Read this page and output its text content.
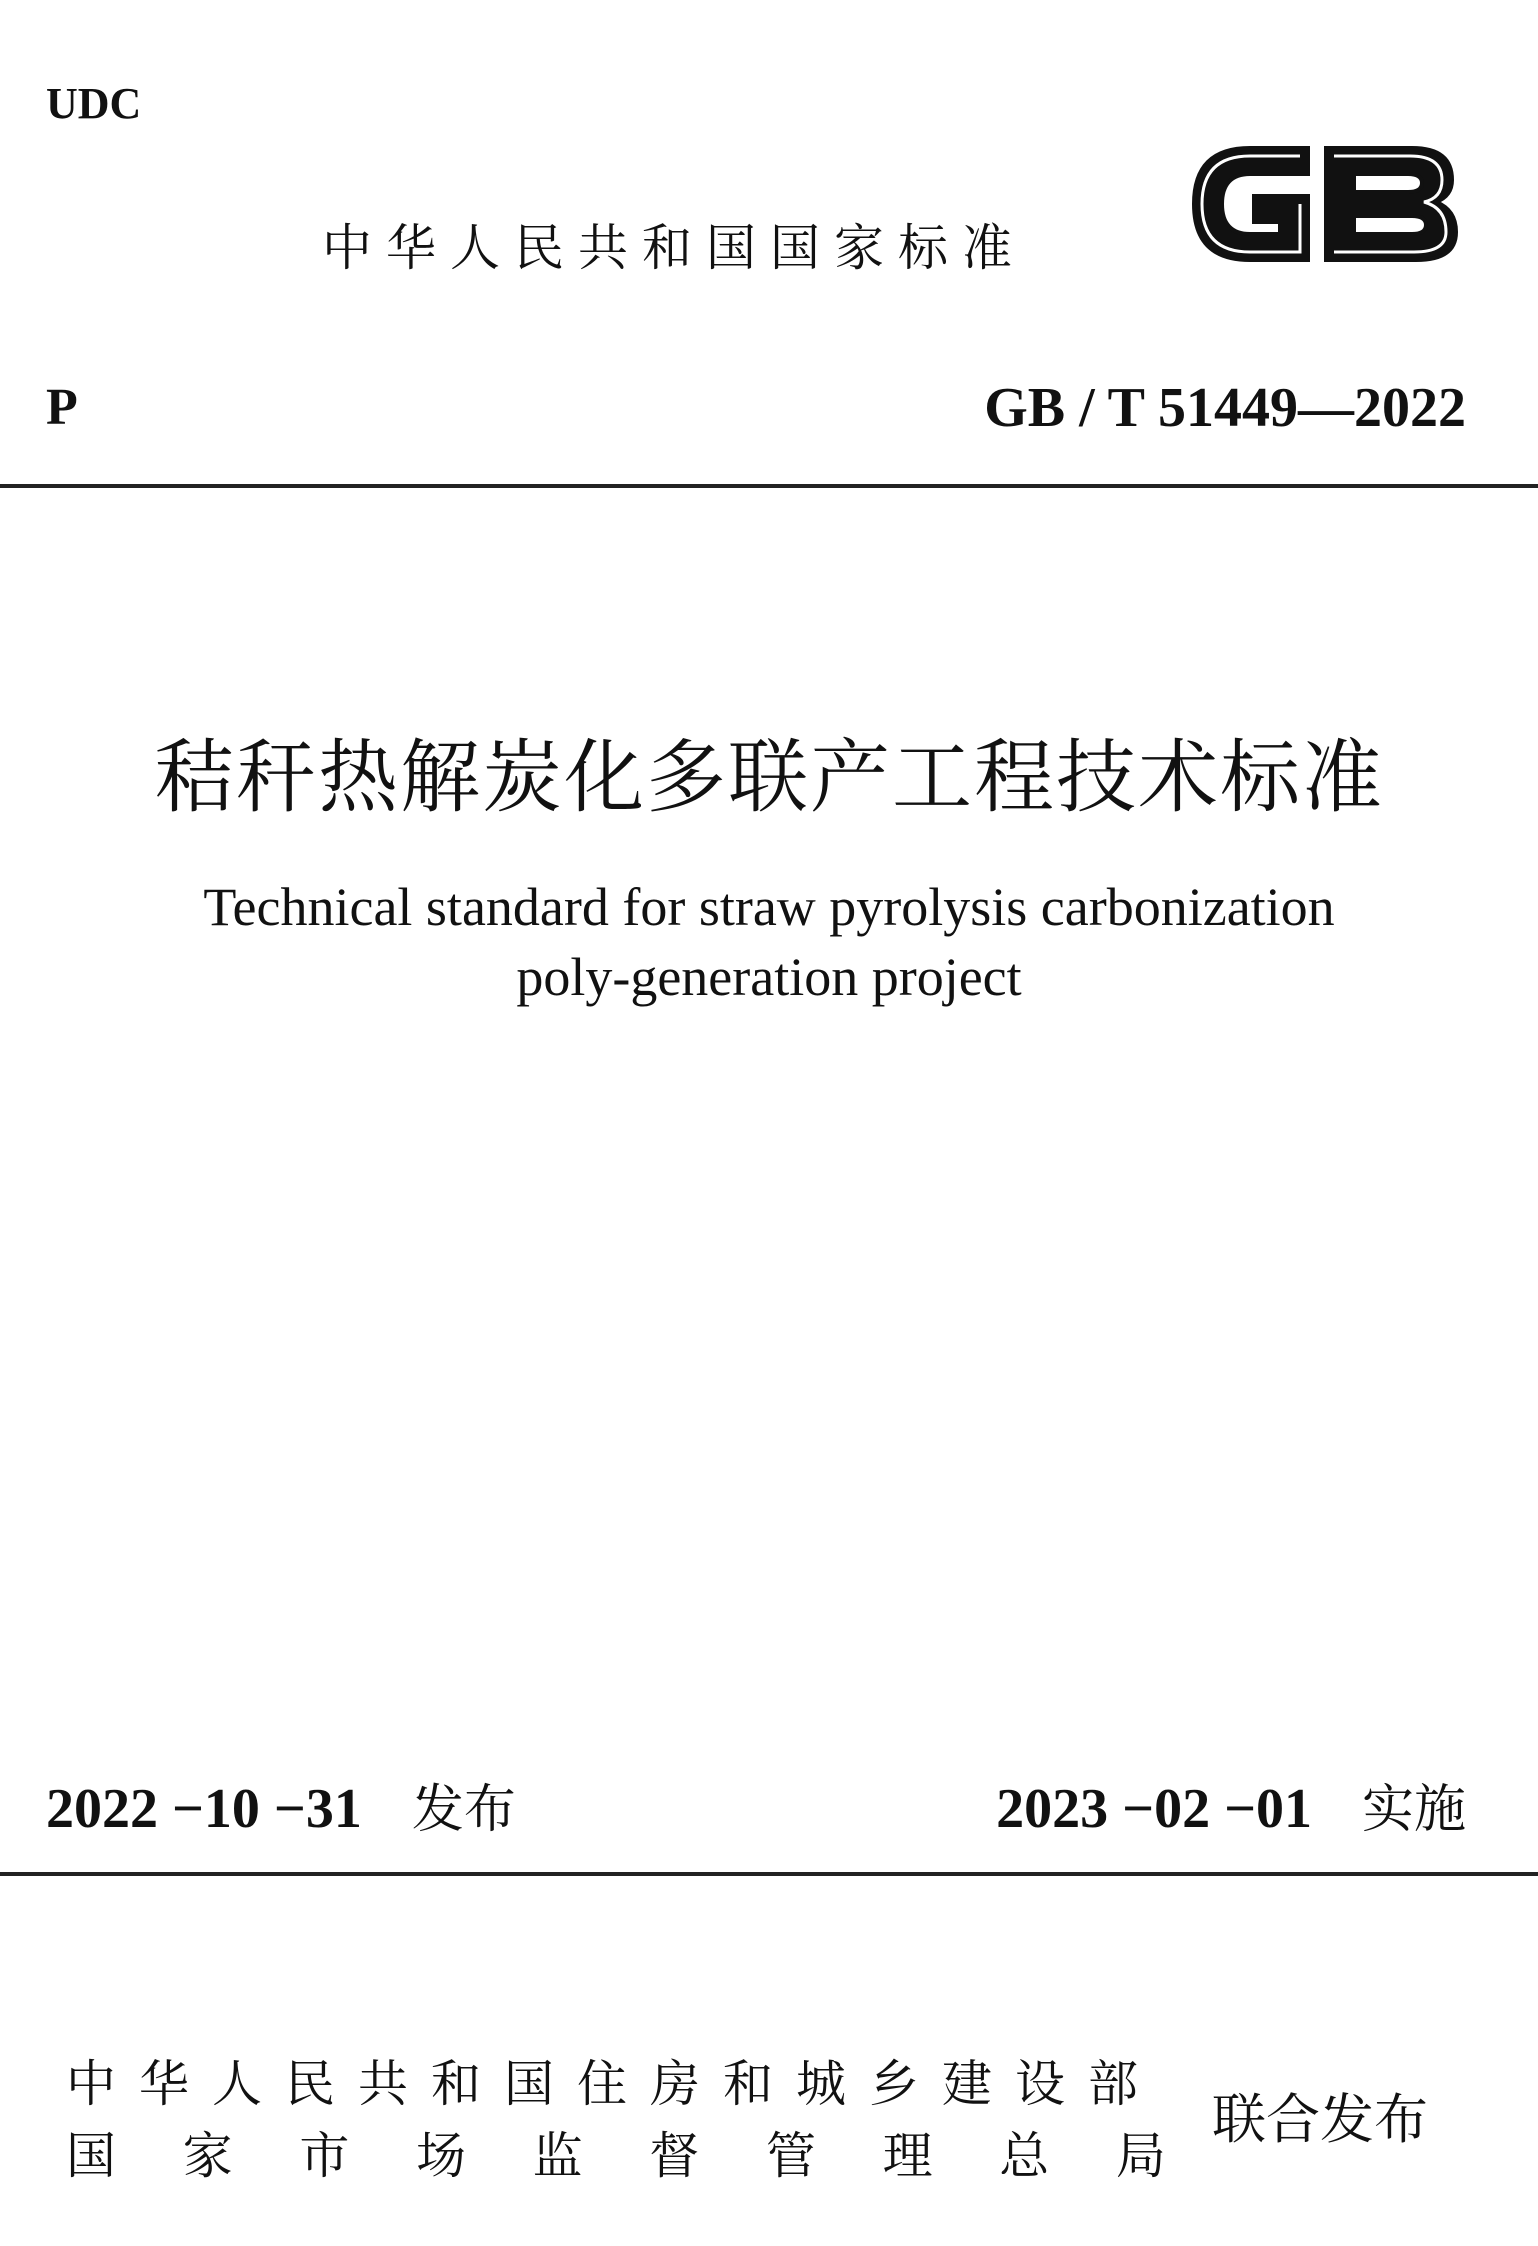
UDC
中华人民共和国国家标准
P	GB / T 51449—2022
秸秆热解炭化多联产工程技术标准
Technical standard for straw pyrolysis carbonization
poly-generation project
2022 −10 −31 发布	2023 −02 −01 实施
中华人民共和国住房和城乡建设部
国 家 市 场 监 督 管 理 总 局
联合发布
